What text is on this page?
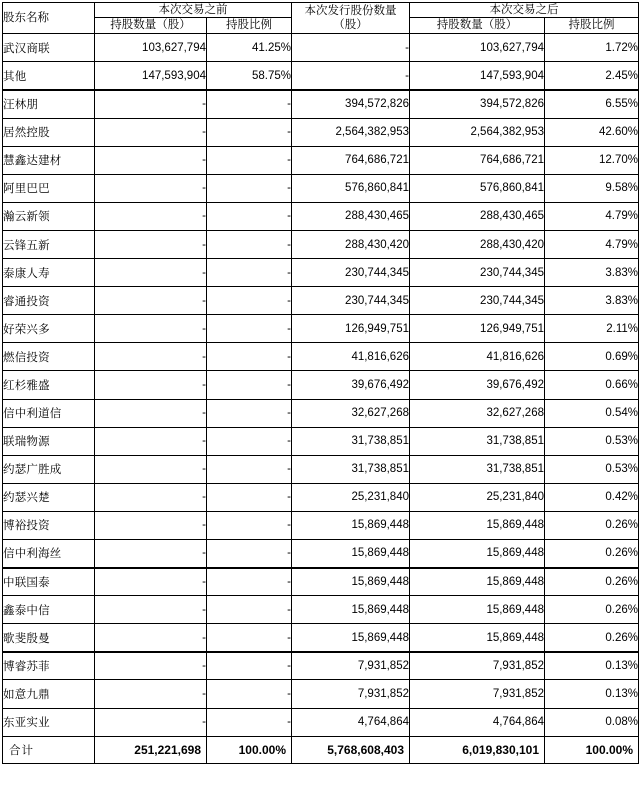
股东名称	本次交易之前		本次发行股份数量（股）	本次交易之后	
	持股数量（股）	持股比例		持股数量（股）	持股比例
武汉商联	103,627,794	41.25%	-	103,627,794	1.72%
其他	147,593,904	58.75%	-	147,593,904	2.45%
汪林朋	-	-	394,572,826	394,572,826	6.55%
居然控股	-	-	2,564,382,953	2,564,382,953	42.60%
慧鑫达建材	-	-	764,686,721	764,686,721	12.70%
阿里巴巴	-	-	576,860,841	576,860,841	9.58%
瀚云新领	-	-	288,430,465	288,430,465	4.79%
云锋五新	-	-	288,430,420	288,430,420	4.79%
泰康人寿	-	-	230,744,345	230,744,345	3.83%
睿通投资	-	-	230,744,345	230,744,345	3.83%
好荣兴多	-	-	126,949,751	126,949,751	2.11%
燃信投资	-	-	41,816,626	41,816,626	0.69%
红杉雅盛	-	-	39,676,492	39,676,492	0.66%
信中利道信	-	-	32,627,268	32,627,268	0.54%
联瑞物源	-	-	31,738,851	31,738,851	0.53%
约瑟广胜成	-	-	31,738,851	31,738,851	0.53%
约瑟兴楚	-	-	25,231,840	25,231,840	0.42%
博裕投资	-	-	15,869,448	15,869,448	0.26%
信中利海丝	-	-	15,869,448	15,869,448	0.26%
中联国泰	-	-	15,869,448	15,869,448	0.26%
鑫泰中信	-	-	15,869,448	15,869,448	0.26%
歌斐殷曼	-	-	15,869,448	15,869,448	0.26%
博睿苏菲	-	-	7,931,852	7,931,852	0.13%
如意九鼎	-	-	7,931,852	7,931,852	0.13%
东亚实业	-	-	4,764,864	4,764,864	0.08%
合计	251,221,698	100.00%	5,768,608,403	6,019,830,101	100.00%
